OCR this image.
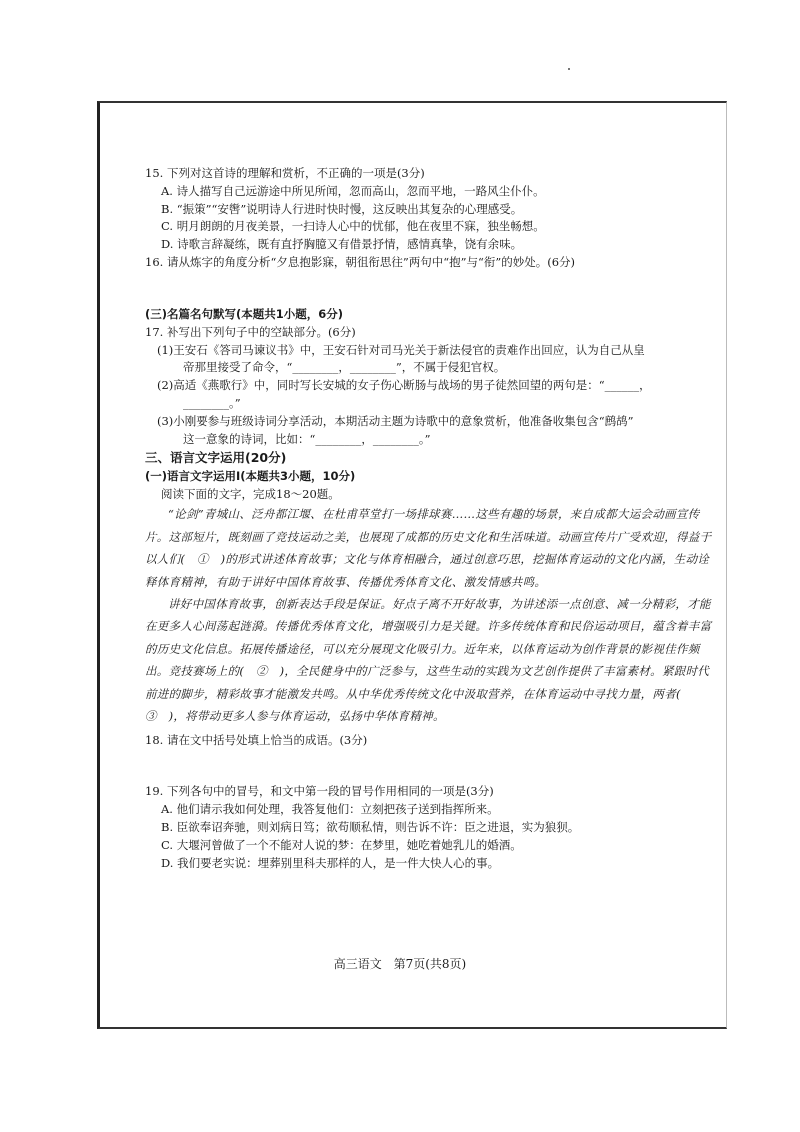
15. 下列对这首诗的理解和赏析，不正确的一项是(3分)

A. 诗人描写自己远游途中所见所闻，忽而高山，忽而平地，一路风尘仆仆。

B. “振策”“安辔”说明诗人行进时快时慢，这反映出其复杂的心理感受。

C. 明月朗朗的月夜美景，一扫诗人心中的忧郁，他在夜里不寐，独坐畅想。

D. 诗歌言辞凝练，既有直抒胸臆又有借景抒情，感情真挚，饶有余味。

16. 请从炼字的角度分析“夕息抱影寐，朝徂衔思往”两句中“抱”与“衔”的妙处。(6分)

(三)名篇名句默写(本题共1小题，6分)

17. 补写出下列句子中的空缺部分。(6分)

(1)王安石《答司马谏议书》中，王安石针对司马光关于新法侵官的责难作出回应，认为自己从皇

帝那里接受了命令，“________，________”，不属于侵犯官权。

(2)高适《燕歌行》中，同时写长安城的女子伤心断肠与战场的男子徒然回望的两句是：“______，

________。”

(3)小刚要参与班级诗词分享活动，本期活动主题为诗歌中的意象赏析，他准备收集包含“鹧鸪”

这一意象的诗词，比如：“________，________。”

三、语言文字运用(20分)

(一)语言文字运用Ⅰ(本题共3小题，10分)

阅读下面的文字，完成18～20题。

“论剑”青城山、泛舟都江堰、在杜甫草堂打一场排球赛……这些有趣的场景，来自成都大运会动画宣传片。这部短片，既刻画了竞技运动之美，也展现了成都的历史文化和生活味道。动画宣传片广受欢迎，得益于以人们(　①　)的形式讲述体育故事；文化与体育相融合，通过创意巧思，挖掘体育运动的文化内涵，生动诠释体育精神，有助于讲好中国体育故事、传播优秀体育文化、激发情感共鸣。

讲好中国体育故事，创新表达手段是保证。好点子离不开好故事，为讲述添一点创意、减一分精彩，才能在更多人心间荡起涟漪。传播优秀体育文化，增强吸引力是关键。许多传统体育和民俗运动项目，蕴含着丰富的历史文化信息。拓展传播途径，可以充分展现文化吸引力。近年来，以体育运动为创作背景的影视佳作频出。竞技赛场上的(　②　)，全民健身中的广泛参与，这些生动的实践为文艺创作提供了丰富素材。紧跟时代前进的脚步，精彩故事才能激发共鸣。从中华优秀传统文化中汲取营养，在体育运动中寻找力量，两者(　③　)，将带动更多人参与体育运动，弘扬中华体育精神。

18. 请在文中括号处填上恰当的成语。(3分)

19. 下列各句中的冒号，和文中第一段的冒号作用相同的一项是(3分)

A. 他们请示我如何处理，我答复他们：立刻把孩子送到指挥所来。

B. 臣欲奉诏奔驰，则刘病日笃；欲苟顺私情，则告诉不许：臣之进退，实为狼狈。

C. 大堰河曾做了一个不能对人说的梦：在梦里，她吃着她乳儿的婚酒。

D. 我们要老实说：埋葬别里科夫那样的人，是一件大快人心的事。

高三语文 第7页(共8页)
